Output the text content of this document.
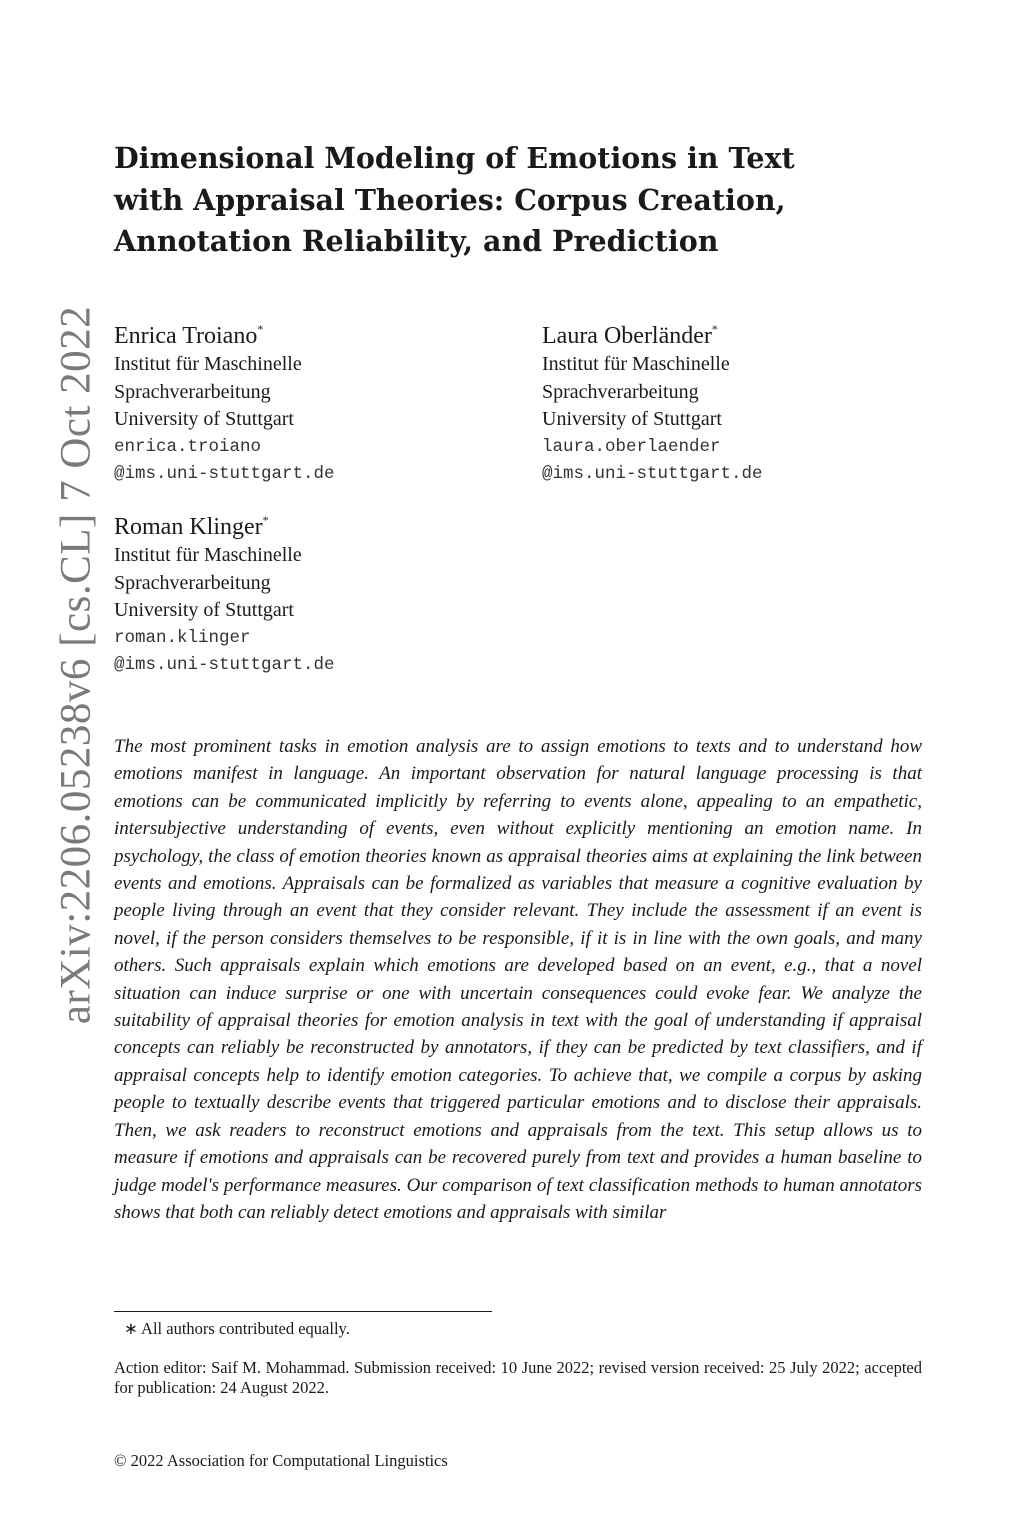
arXiv:2206.05238v6 [cs.CL] 7 Oct 2022
Dimensional Modeling of Emotions in Text
with Appraisal Theories: Corpus Creation,
Annotation Reliability, and Prediction
Enrica Troiano*
Institut für Maschinelle
Sprachverarbeitung
University of Stuttgart
enrica.troiano
@ims.uni-stuttgart.de
Laura Oberländer*
Institut für Maschinelle
Sprachverarbeitung
University of Stuttgart
laura.oberlaender
@ims.uni-stuttgart.de
Roman Klinger*
Institut für Maschinelle
Sprachverarbeitung
University of Stuttgart
roman.klinger
@ims.uni-stuttgart.de

The most prominent tasks in emotion analysis are to assign emotions to texts and to understand how emotions manifest in language. An important observation for natural language processing is that emotions can be communicated implicitly by referring to events alone, appealing to an empathetic, intersubjective understanding of events, even without explicitly mentioning an emotion name. In psychology, the class of emotion theories known as appraisal theories aims at explaining the link between events and emotions. Appraisals can be formalized as variables that measure a cognitive evaluation by people living through an event that they consider relevant. They include the assessment if an event is novel, if the person considers themselves to be responsible, if it is in line with the own goals, and many others. Such appraisals explain which emotions are developed based on an event, e.g., that a novel situation can induce surprise or one with uncertain consequences could evoke fear. We analyze the suitability of appraisal theories for emotion analysis in text with the goal of understanding if appraisal concepts can reliably be reconstructed by annotators, if they can be predicted by text classifiers, and if appraisal concepts help to identify emotion categories. To achieve that, we compile a corpus by asking people to textually describe events that triggered particular emotions and to disclose their appraisals. Then, we ask readers to reconstruct emotions and appraisals from the text. This setup allows us to measure if emotions and appraisals can be recovered purely from text and provides a human baseline to judge model's performance measures. Our comparison of text classification methods to human annotators shows that both can reliably detect emotions and appraisals with similar

∗ All authors contributed equally.
Action editor: Saif M. Mohammad. Submission received: 10 June 2022; revised version received: 25 July 2022; accepted for publication: 24 August 2022.
© 2022 Association for Computational Linguistics
